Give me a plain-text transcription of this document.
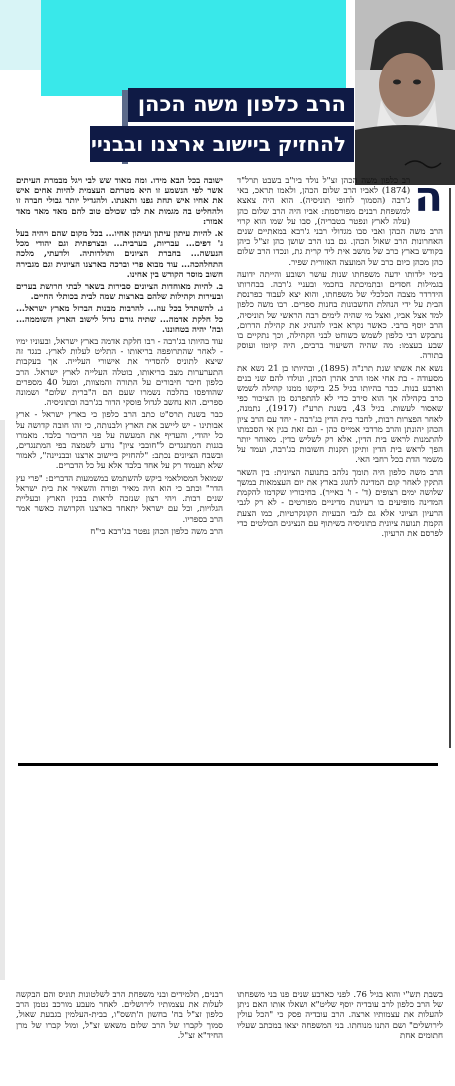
הרב כלפון משה הכהן
להחזיק ביישוב ארצנו ובבניינה
ה

רב כלפון משה הכהן זצ"ל נולד ביו"ב בשבט תרל"ד (1874) לאביו הרב שלום הכהן, ולאמו תראכ, באי ג'רבה (הסמוך לחופי תוניסיה). הוא היה צאצא למשפחת רבנים מפורסמת: אביו היה הרב שלום כהן (עלה לארץ ונפטר בטבריה), סבו על שמו הוא קרוי הרב משה הכהן ואבי סבו מגדולי רבני ג'רבא במאתיים שנים האחרונות הרב שאול הכהן. גם בנו הרב שושן כהן זצ"ל כיהן בקודש בארץ כרב של מושב אית ליד קרית גת, ונכדו הרב שלום כהן מכהן כיום כרב של המועצה האזורית שפיר.

בימי ילדותו ידעה משפחתו שנות עושר ושובע והייתה ידועה בגמילות חסדים ובתמיכתה בחכמי ובעניי ג'רבה. בבחרותו הידרדר מצבה הכלכלי של משפחתו, והוא יצא לעבוד כפרנסת הבית על ידי הנהלת החשבונות בחנות ספרים. רבו משה כלפון למד אצל אביו, ואצל מי שהיה לימים רבה הראשי של תוניסיה, הרב יוסף ברבי. כאשר נקרא אביו להנהיג את קהילת הדרום, נתבקש רבי כלפון לשמש כשוחט לבני הקהילה, וכך נתקיים בו שבע בעצמו: מה שהיה השיעור ברבים, היה קיומו ועוסק בתורה.

נשא את אשתו שנת תרנ"ה (1895), ובהיותו בן 21 נשא את מסעודה - בת אחי אמו הרב אהרן הכהן, ונולדו להם שני בנים וארבע בנות. כבר בהיותו בגיל 25 ביקשו ממנו קהילה לשמש כרב בקהילה אך הוא סירב כדי לא להתפרנס מן הציבור כפי שאסור לעשות. בגיל 43, בשנת תרע"ז (1917), נתמנה, לאחר הפצרות רבות, לחבר בית הדין בג'רבה - יחד עם הרב ציון הכהן יהונתן והרב מרדכי אמייס כהן - וגם זאת בגין אי הסכמתו להתמנות לראש בית הדין, אלא רק לשליש בדין. מאוחר יותר הפך לראש בית הדין ותיקן תקנות חשובות בג'רבה, ועמד על משמר הדת בכל רחבי האי.

הרב משה כלפון היה תומך נלהב בתנועה הציונית: בין השאר התקין לאחר קום המדינה לחגוג בארץ את יום העצמאות במשך שלושה ימים רצופים (ד' - ו' באייר). בחיבוריו שקדמו להקמת המדינה מופיעים בו רעיונות מדיניים מפורטים - לא רק לגבי הרעיון הציוני אלא גם לגבי הבעיות הקונקרטיות, כמו הצעת הקמת תנועה ציונית בתוניסיה בשיתוף עם הנציגים הבולטים כדי לפרסם את הרעיון.

ישובה בכל הבא מידו. ומה מאוד שש לבי ויגל מבמרת העיתים אשר לפי הנשמע זו היא מטרתם העצמית להיות אחים איש את אחיו איש תחת גפנו ותאנתו. ולהגדיל יותר גבולי חברה זו ולהחליט בה מגמות את לבו שכולם טוב להם מאד מאד מאד אמור:

א. להיות עיתון עיתון ועיתון אחיו... בכל מקום שהם ויהיה בעל ג' דפים... עבריות, בערבית... ובצרפתית וגם יהודי מכל הנעשה... בחברת הציונים ותולדותיה. ולדעתי, מלכה התחלהכה... עוד מבוא פרי וברכה בארצנו הציונית וגם מגבירה חשוב מוסר הקודש בין אחינו.

ב. להיות מאוחדות הציונים סבירות בשאר לבתי חרושת בערים ובעירות וקהילות שלהם בארצות שמה לבית בכותלי החיים.

ג. להשתדל בכל עוז... להרבות מבנות הברזל מארץ ישראל... כל חלקת אדמה... שתיה גורם גדול לישוב הארץ השוממה... ובה' יהיה בטחוננו.

עוד בהיותו בג'רבה - רבו חלקת אדמה בארץ ישראל, ובעוניו ימיו - לאחר שהתרופפה בריאותו - התליט לעלות לארץ. כנגד זה שיצא לתוניס להסדיר את אישורי העלייה. אך בעקבות התערערות מצב בריאותו, בוטלה העלייה לארץ ישראל. הרב כלפון חיבר חיבורים על התורה והמצוות, ומעל 40 מספרים שהודפסו בהלכה נשמרו שעם הם ה"ברית שלום" ושמונה ספרים. הוא נחשב לגדול פוסקי הדור בג'רבה ובתוניסיה.

כבר בשנת תרס"ט כתב הרב כלפון כי בארץ ישראל - ארץ אבותינו - יש ליישב את הארץ ולבנותה, כי זהו חובה קדושה על כל יהודי, והעדיף את המעשה על פני הדיבור בלבד. מאמרו בגנות המתנגדים ל"חובבי ציון" נודע לשמצה בפי המתנגדים, ובשבח הציונים נכתב: "להחזיק ביישוב ארצנו ובבניינה", לאמור שלא תעמוד רק על אחד בלבד אלא על כל הדברים.

שמואל המסולאמי ביקש להשתמש במשמעות הדברים: "פרי עץ הדר" וכתב כי הוא היה מאיר ופורה והשאיר את בית ישראל שנים רבות. ויהי רצון שנזכה לראות בבנין הארץ ובעליית הגלויות, וכל עם ישראל יתאחד בארצנו הקדושה כאשר אמר הרב בספריו.

הרב משה כלפון הכהן נפטר בג'רבא בי"ח

בשבת תש"י והוא בגיל 76. לפני כארבע שנים פנו בני משפחתו של הרב כלפון לרב עובדיה יוסף שליט"א ושאלו אותו האם ניתן להעלות את עצמותיו ארצה. הרב עובדיה פסק כי "הכל עולין לירושלים" ושם התנו מנוחתו. בני המשפחה יצאו במכתב שעליו חתומים אחת

רבנים, תלמידים ובני משפחת הרב לשלטונות תוניס והם הבקשה לעלות את עצמותיו לירושלים. לאחר מעבע מורכב נטמן הרב כלפון זצ"ל בח' בחשון ה'תשס"ו, בבית-העלמין בגבעת שאול, סמוך לקברו של הרב שלום משאש זצ"ל, ומול קברו של מרן החיד"א זצ"ל.
